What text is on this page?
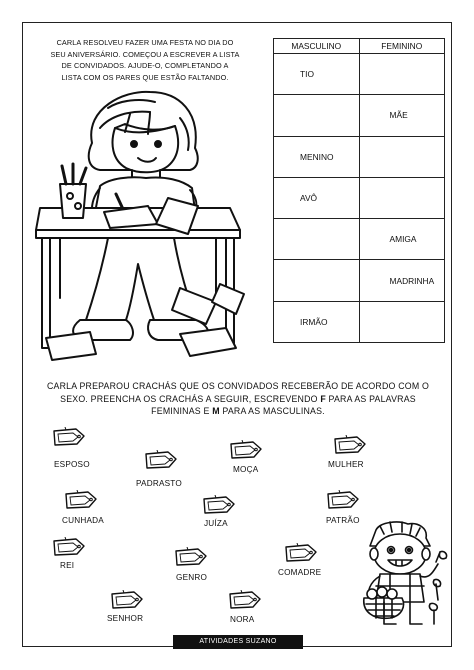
CARLA RESOLVEU FAZER UMA FESTA NO DIA DO
SEU ANIVERSÁRIO. COMEÇOU A ESCREVER A LISTA
DE CONVIDADOS. AJUDE-O, COMPLETANDO A
LISTA COM OS PARES QUE ESTÃO FALTANDO.
MASCULINO	FEMININO
TIO	
	MÃE
MENINO	
AVÔ	
	AMIGA
	MADRINHA
IRMÃO	
CARLA PREPAROU CRACHÁS QUE OS CONVIDADOS RECEBERÃO DE ACORDO COM O
SEXO. PREENCHA OS CRACHÁS A SEGUIR, ESCREVENDO F PARA AS PALAVRAS
FEMININAS E M PARA AS MASCULINAS.
ESPOSO
PADRASTO
MOÇA
MULHER
CUNHADA	JUÍZA	PATRÃO
REI
GENRO
COMADRE
SENHOR	NORA
ATIVIDADES SUZANO
